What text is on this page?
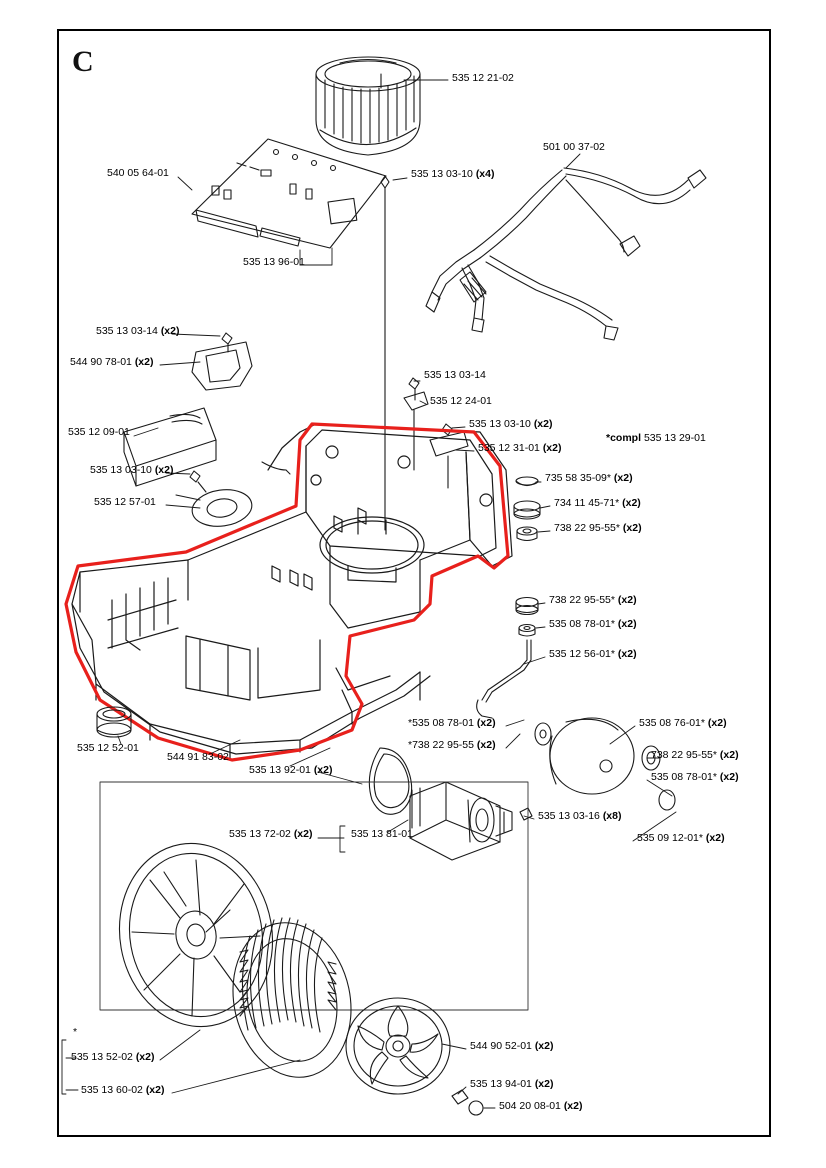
C	535 12 21-02
540 05 64-01	535 13 03-10 (x4)
501 00 37-02
535 13 96-01
535 13 03-14 (x2)
544 90 78-01 (x2)
535 13 03-14
535 12 24-01
535 12 09-01
535 13 03-10 (x2)
535 12 31-01 (x2)
535 13 03-10 (x2)
535 12 57-01
735 58 35-09* (x2)
734 11 45-71* (x2)
738 22 95-55* (x2)
738 22 95-55* (x2)
535 08 78-01* (x2)
535 12 56-01* (x2)
*535 08 78-01 (x2)
*738 22 95-55 (x2)
535 08 76-01* (x2)
738 22 95-55* (x2)
535 08 78-01* (x2)
535 09 12-01* (x2)
535 12 52-01
544 91 83-02
535 13 92-01 (x2)
535 13 72-02 (x2)	535 13 81-01
535 13 03-16 (x8)
544 90 52-01 (x2)
535 13 94-01 (x2)
504 20 08-01 (x2)
535 13 52-02 (x2)
535 13 60-02 (x2)
*
*compl 535 13 29-01
